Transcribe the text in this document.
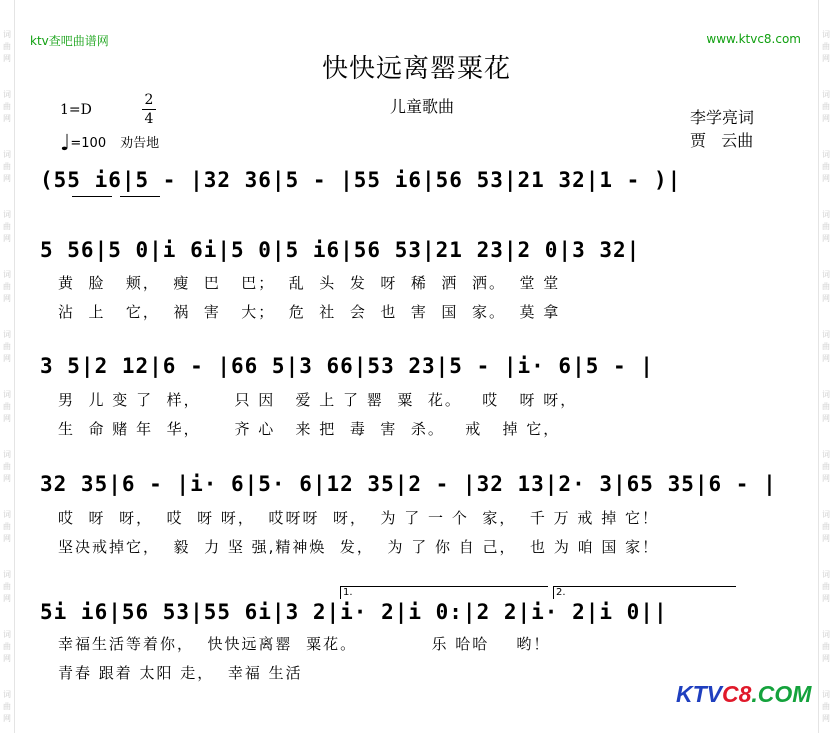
词
曲
网
词
曲
网
词
曲
网
词
曲
网
词
曲
网
词
曲
网
词
曲
网
词
曲
网
词
曲
网
词
曲
网
词
曲
网
词
曲
网
词
曲
网
词
曲
网
词
曲
网
词
曲
网
词
曲
网
词
曲
网
词
曲
网
词
曲
网
词
曲
网
词
曲
网
词
曲
网
词
曲
网
ktv查吧曲谱网	www.ktvc8.com
快快远离罂粟花
儿童歌曲
李学亮词
贾   云曲
1=D
2
4
♩=100 劝告地
(55 i6|5 - |32 36|5 - |55 i6|56 53|21 32|1 - )|
5 56|5 0|i 6i|5 0|5 i6|56 53|21 23|2 0|3 32|
黄  脸   颊，  瘦  巴   巴；  乱  头  发  呀  稀  洒  洒。  堂 堂
沾  上   它，  祸  害   大；  危  社  会  也  害  国  家。  莫 拿
3 5|2 12|6 - |66 5|3 66|53 23|5 - |i· 6|5 - |
男  儿 变 了  样，     只 因   爱 上 了 罂  粟  花。   哎   呀 呀，
生  命 赌 年  华，     齐 心   来 把  毒  害  杀。   戒   掉 它，
32 35|6 - |i· 6|5· 6|12 35|2 - |32 13|2· 3|65 35|6 - |
哎  呀  呀，  哎  呀 呀，  哎呀呀  呀，  为 了 一 个  家，  千 万 戒 掉 它！
坚决戒掉它，  毅  力 坚 强,精神焕  发，  为 了 你 自 己，  也 为 咱 国 家！
1.	2.
5i i6|56 53|55 6i|3 2|i· 2|i 0:|2 2|i· 2|i 0||
幸福生活等着你，  快快远离罂  粟花。           乐 哈哈    哟！
青春 跟着 太阳 走，  幸福 生活
KTVC8.COM
